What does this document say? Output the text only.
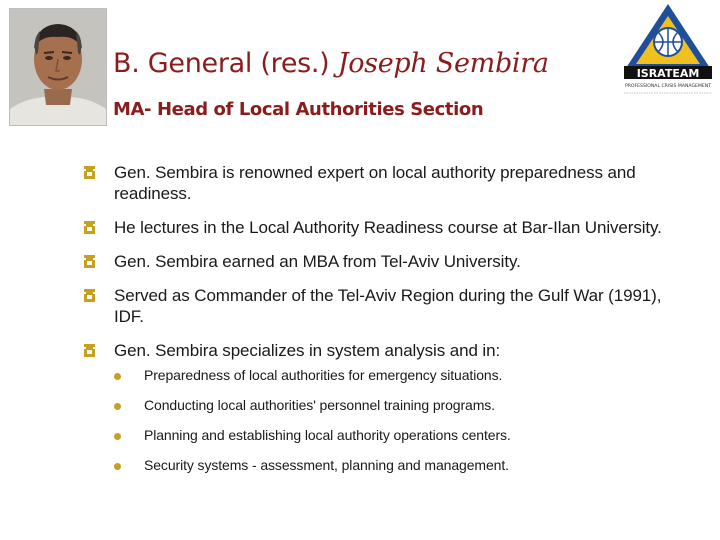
B. General (res.) Joseph Sembira
MA- Head of Local Authorities Section
ISRATEAM
PROFESSIONAL CRISIS MANAGEMENT
Gen. Sembira is renowned expert on local authority preparedness and readiness.
He lectures in the Local Authority Readiness course at Bar-Ilan University.
Gen. Sembira earned an MBA from Tel-Aviv University.
Served as Commander of the Tel-Aviv Region during the Gulf War (1991), IDF.
Gen. Sembira specializes in system analysis and in:
Preparedness of local authorities for emergency situations.
Conducting local authorities' personnel training programs.
Planning and establishing local authority operations centers.
Security systems - assessment, planning and management.
